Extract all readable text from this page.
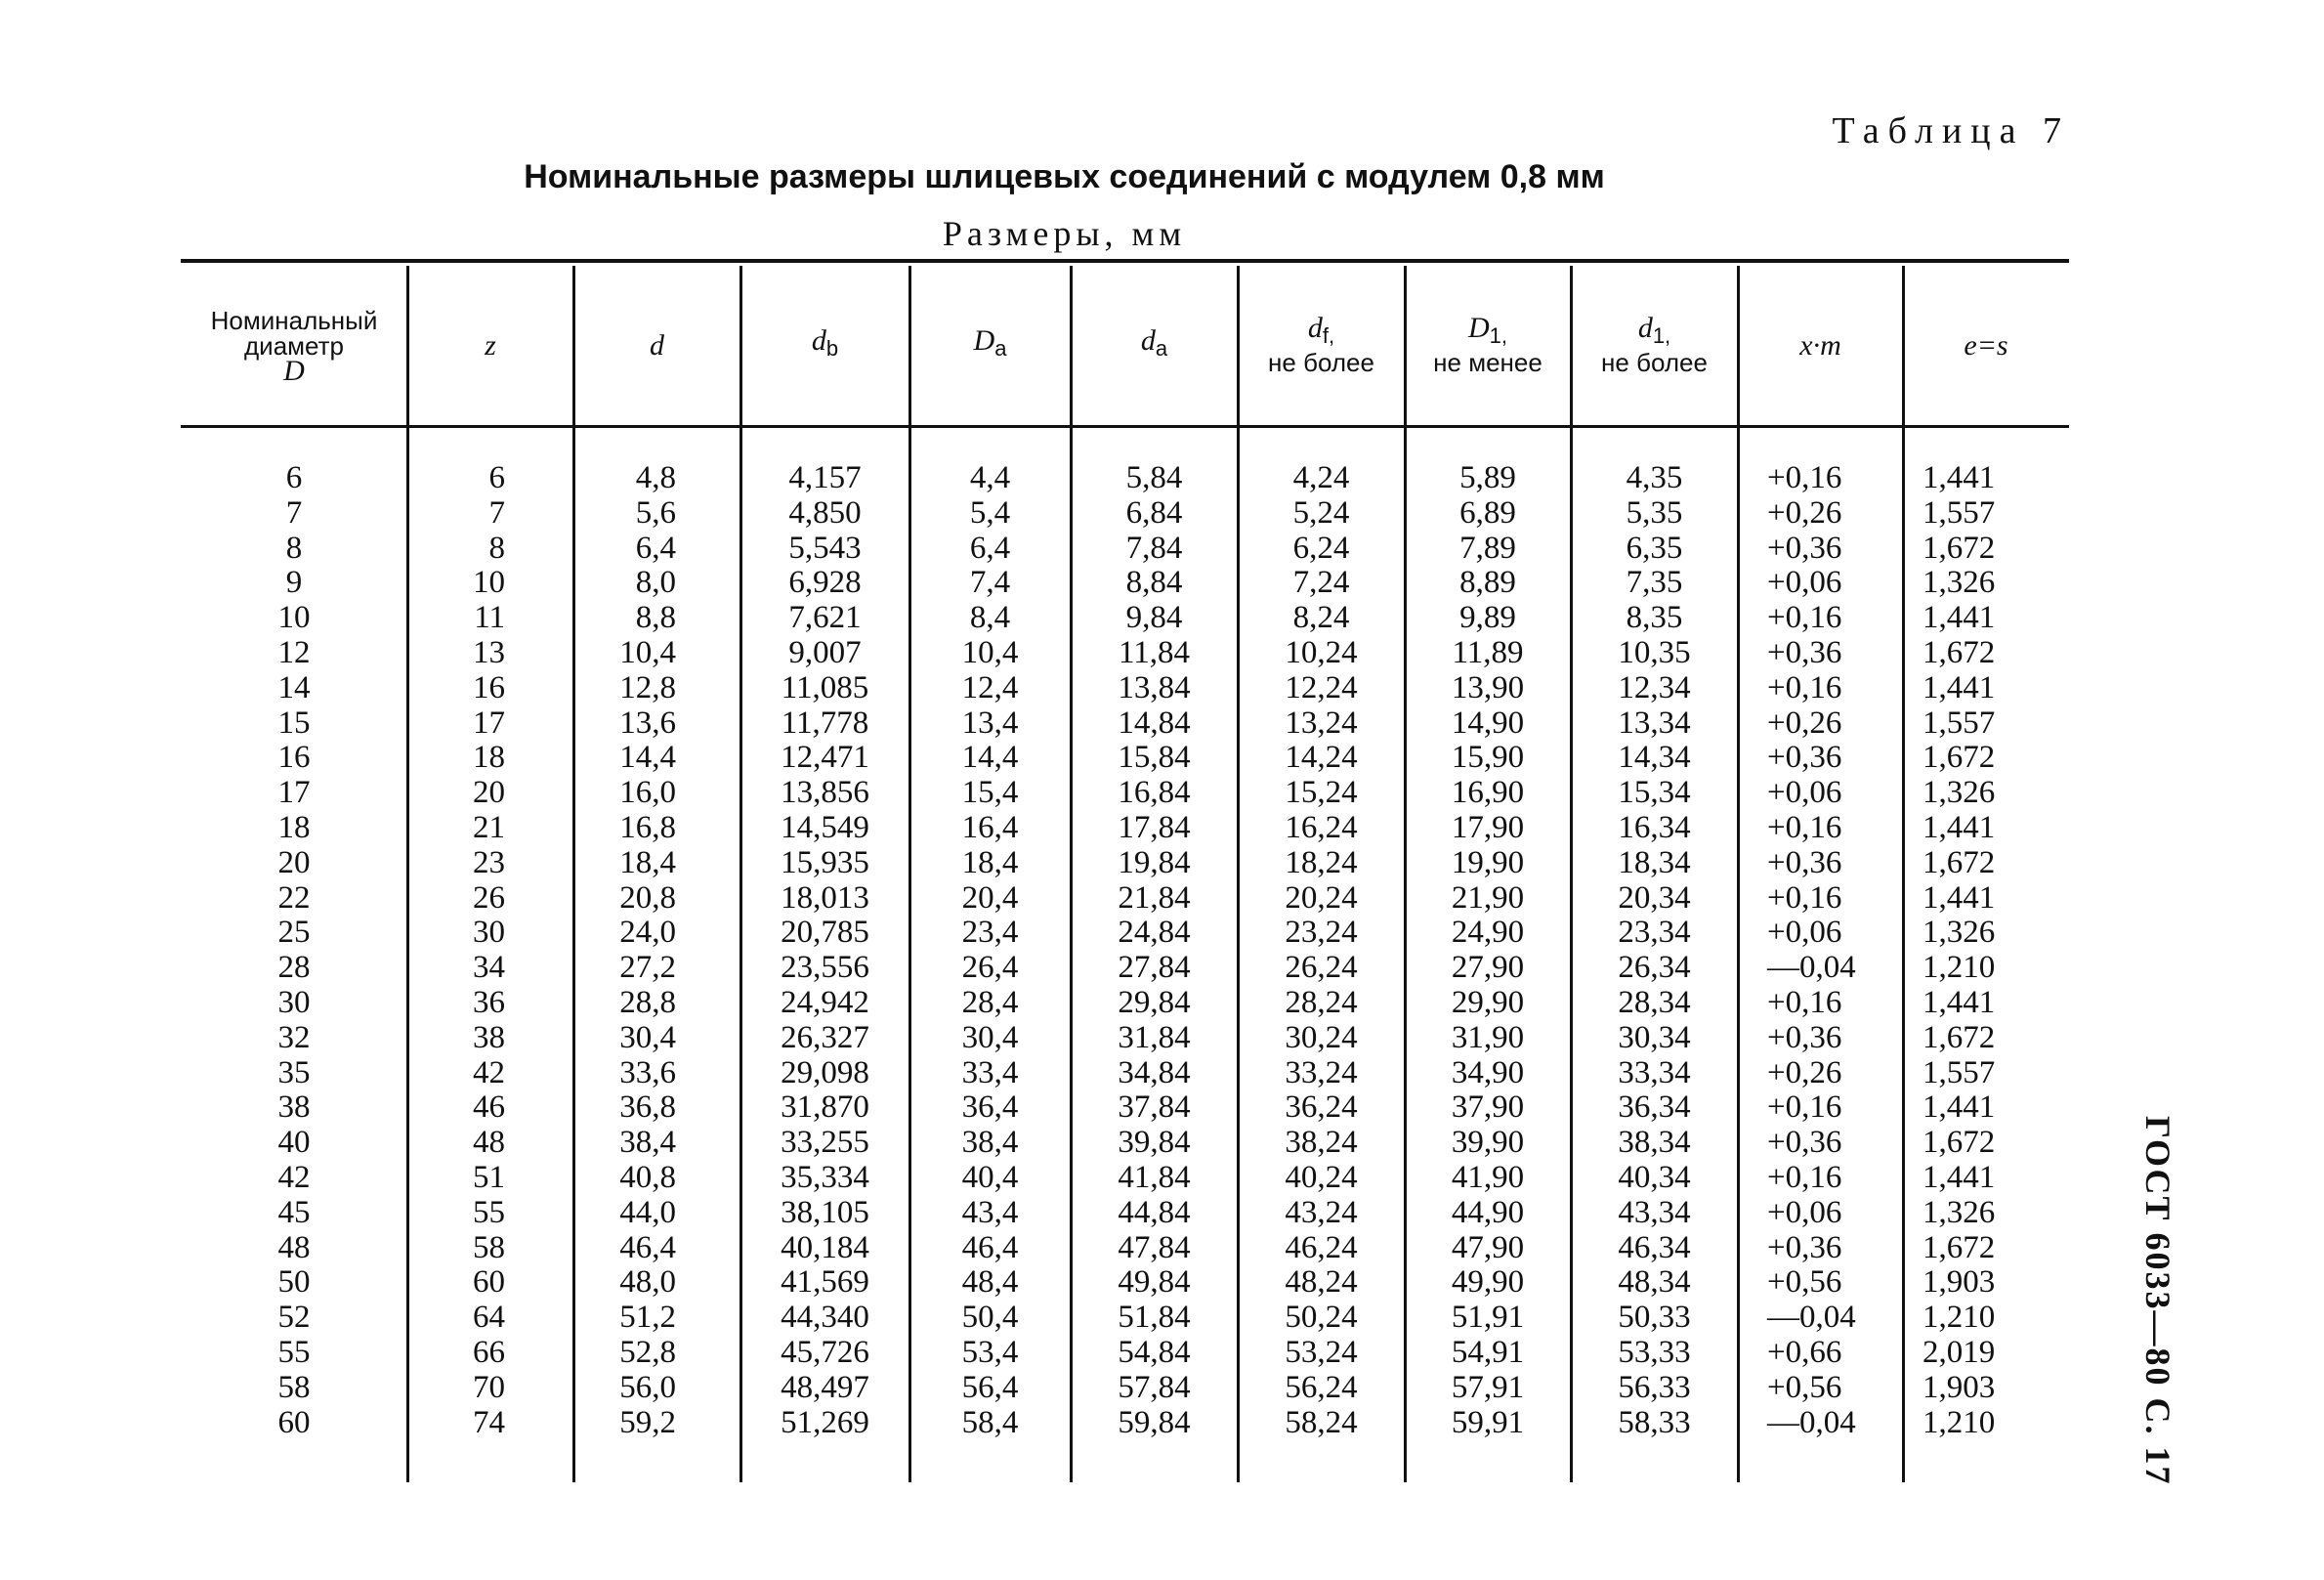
Таблица 7
Номинальные размеры шлицевых соединений с модулем 0,8 мм
Размеры, мм
Номинальный
диаметр
D
6
7
8
9
10
12
14
15
16
17
18
20
22
25
28
30
32
35
38
40
42
45
48
50
52
55
58
60
z
6
7
8
10
11
13
16
17
18
20
21
23
26
30
34
36
38
42
46
48
51
55
58
60
64
66
70
74
d
4,8
5,6
6,4
8,0
8,8
10,4
12,8
13,6
14,4
16,0
16,8
18,4
20,8
24,0
27,2
28,8
30,4
33,6
36,8
38,4
40,8
44,0
46,4
48,0
51,2
52,8
56,0
59,2
$d_b$
4,157
4,850
5,543
6,928
7,621
9,007
11,085
11,778
12,471
13,856
14,549
15,935
18,013
20,785
23,556
24,942
26,327
29,098
31,870
33,255
35,334
38,105
40,184
41,569
44,340
45,726
48,497
51,269
$D_a$
4,4
5,4
6,4
7,4
8,4
10,4
12,4
13,4
14,4
15,4
16,4
18,4
20,4
23,4
26,4
28,4
30,4
33,4
36,4
38,4
40,4
43,4
46,4
48,4
50,4
53,4
56,4
58,4
$d_a$
5,84
6,84
7,84
8,84
9,84
11,84
13,84
14,84
15,84
16,84
17,84
19,84
21,84
24,84
27,84
29,84
31,84
34,84
37,84
39,84
41,84
44,84
47,84
49,84
51,84
54,84
57,84
59,84
$d_{f,}$
не более
4,24
5,24
6,24
7,24
8,24
10,24
12,24
13,24
14,24
15,24
16,24
18,24
20,24
23,24
26,24
28,24
30,24
33,24
36,24
38,24
40,24
43,24
46,24
48,24
50,24
53,24
56,24
58,24
$D_{1,}$
не менее
5,89
6,89
7,89
8,89
9,89
11,89
13,90
14,90
15,90
16,90
17,90
19,90
21,90
24,90
27,90
29,90
31,90
34,90
37,90
39,90
41,90
44,90
47,90
49,90
51,91
54,91
57,91
59,91
$d_{1,}$
не более
4,35
5,35
6,35
7,35
8,35
10,35
12,34
13,34
14,34
15,34
16,34
18,34
20,34
23,34
26,34
28,34
30,34
33,34
36,34
38,34
40,34
43,34
46,34
48,34
50,33
53,33
56,33
58,33
x·m
+0,16
+0,26
+0,36
+0,06
+0,16
+0,36
+0,16
+0,26
+0,36
+0,06
+0,16
+0,36
+0,16
+0,06
—0,04
+0,16
+0,36
+0,26
+0,16
+0,36
+0,16
+0,06
+0,36
+0,56
—0,04
+0,66
+0,56
—0,04
e=s
1,441
1,557
1,672
1,326
1,441
1,672
1,441
1,557
1,672
1,326
1,441
1,672
1,441
1,326
1,210
1,441
1,672
1,557
1,441
1,672
1,441
1,326
1,672
1,903
1,210
2,019
1,903
1,210	ГОСТ 6033—80 С. 17
